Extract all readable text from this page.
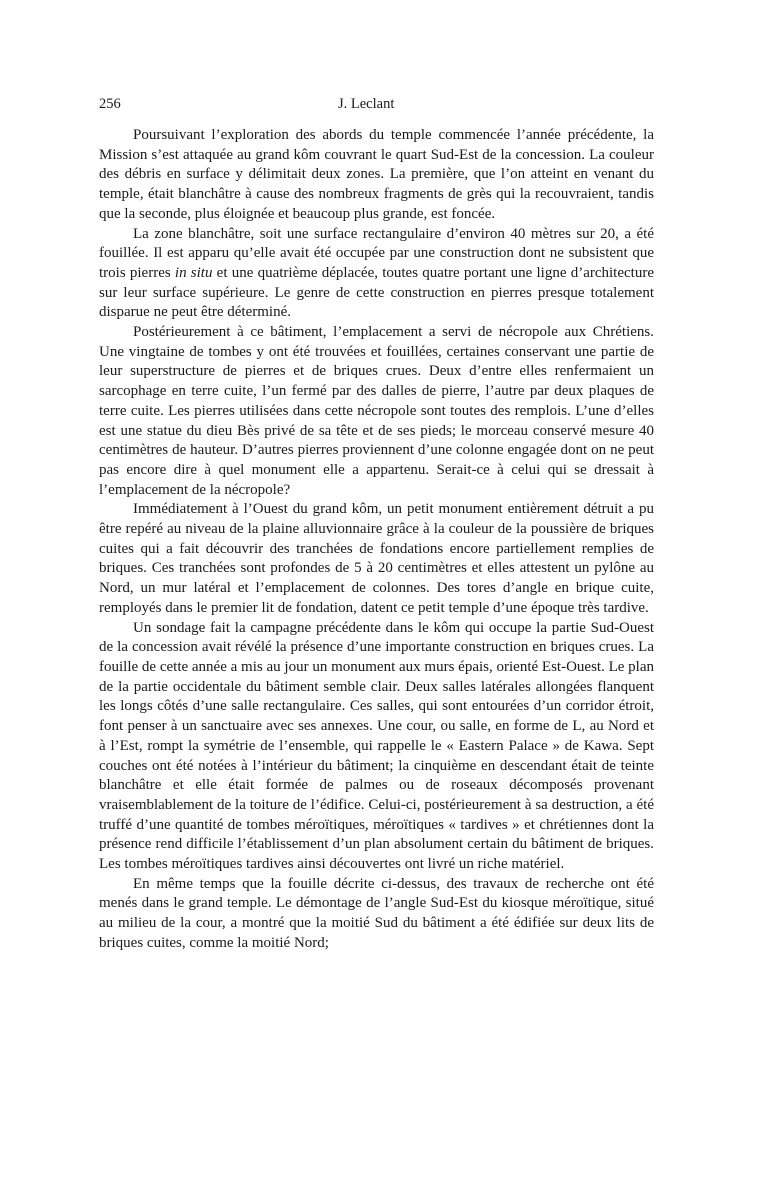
256	J. Leclant

Poursuivant l’exploration des abords du temple commencée l’année précédente, la Mission s’est attaquée au grand kôm couvrant le quart Sud-Est de la concession. La couleur des débris en surface y délimitait deux zones. La première, que l’on atteint en venant du temple, était blanchâtre à cause des nombreux fragments de grès qui la recouvraient, tandis que la seconde, plus éloignée et beaucoup plus grande, est foncée.

La zone blanchâtre, soit une surface rectangulaire d’environ 40 mètres sur 20, a été fouillée. Il est apparu qu’elle avait été occupée par une construction dont ne subsistent que trois pierres in situ et une quatrième déplacée, toutes quatre portant une ligne d’architecture sur leur surface supérieure. Le genre de cette construction en pierres presque totalement disparue ne peut être déterminé.

Postérieurement à ce bâtiment, l’emplacement a servi de nécropole aux Chrétiens. Une vingtaine de tombes y ont été trouvées et fouillées, certaines conservant une partie de leur superstructure de pierres et de briques crues. Deux d’entre elles renfermaient un sarcophage en terre cuite, l’un fermé par des dalles de pierre, l’autre par deux plaques de terre cuite. Les pierres utilisées dans cette nécropole sont toutes des remplois. L’une d’elles est une statue du dieu Bès privé de sa tête et de ses pieds; le morceau conservé mesure 40 centimètres de hauteur. D’autres pierres proviennent d’une colonne engagée dont on ne peut pas encore dire à quel monument elle a appartenu. Serait-ce à celui qui se dressait à l’emplacement de la nécropole?

Immédiatement à l’Ouest du grand kôm, un petit monument entièrement détruit a pu être repéré au niveau de la plaine alluvionnaire grâce à la couleur de la poussière de briques cuites qui a fait découvrir des tranchées de fondations encore partiellement remplies de briques. Ces tranchées sont profondes de 5 à 20 centimètres et elles attestent un pylône au Nord, un mur latéral et l’emplacement de colonnes. Des tores d’angle en brique cuite, remployés dans le premier lit de fondation, datent ce petit temple d’une époque très tardive.

Un sondage fait la campagne précédente dans le kôm qui occupe la partie Sud-Ouest de la concession avait révélé la présence d’une importante construction en briques crues. La fouille de cette année a mis au jour un monument aux murs épais, orienté Est-Ouest. Le plan de la partie occidentale du bâtiment semble clair. Deux salles latérales allongées flanquent les longs côtés d’une salle rectangulaire. Ces salles, qui sont entourées d’un corridor étroit, font penser à un sanctuaire avec ses annexes. Une cour, ou salle, en forme de L, au Nord et à l’Est, rompt la symétrie de l’ensemble, qui rappelle le « Eastern Palace » de Kawa. Sept couches ont été notées à l’intérieur du bâtiment; la cinquième en descendant était de teinte blanchâtre et elle était formée de palmes ou de roseaux décomposés provenant vraisemblablement de la toiture de l’édifice. Celui-ci, postérieurement à sa destruction, a été truffé d’une quantité de tombes méroïtiques, méroïtiques « tardives » et chrétiennes dont la présence rend difficile l’établissement d’un plan absolument certain du bâtiment de briques. Les tombes méroïtiques tardives ainsi découvertes ont livré un riche matériel.

En même temps que la fouille décrite ci-dessus, des travaux de recherche ont été menés dans le grand temple. Le démontage de l’angle Sud-Est du kiosque méroïtique, situé au milieu de la cour, a montré que la moitié Sud du bâtiment a été édifiée sur deux lits de briques cuites, comme la moitié Nord;
